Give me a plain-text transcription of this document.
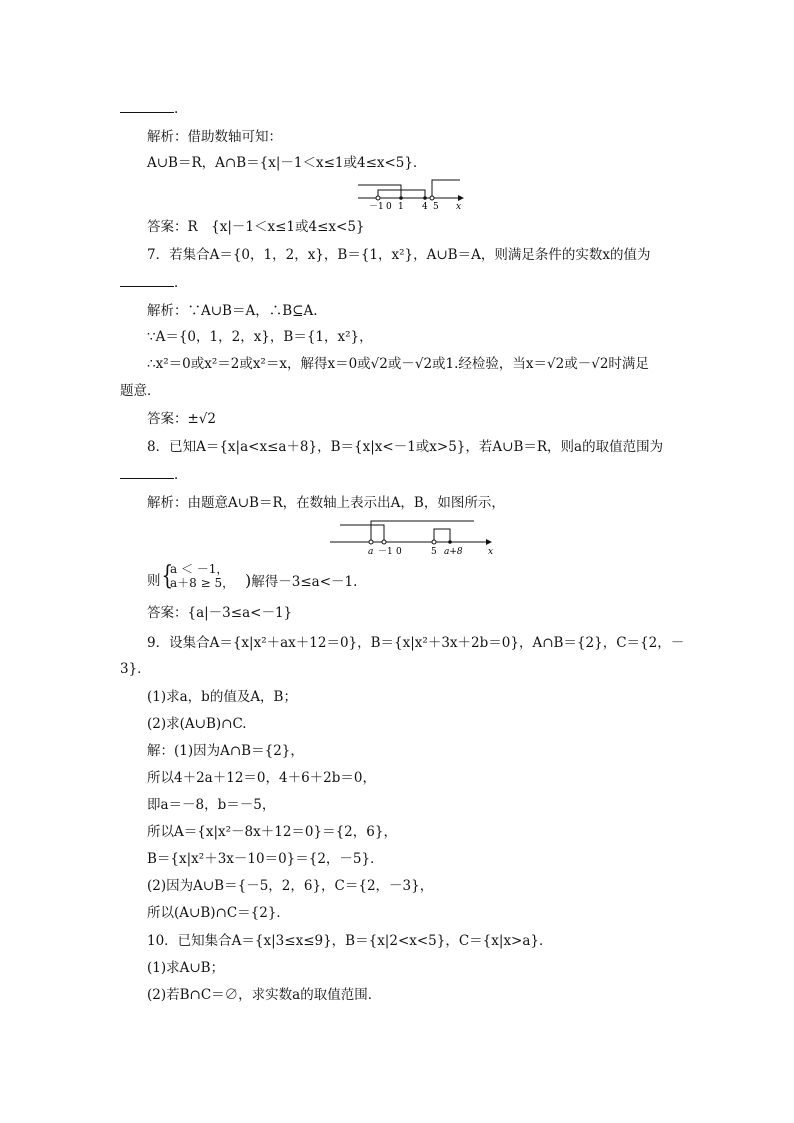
.
解析：借助数轴可知：
A∪B＝R，A∩B＝{x|－1＜x≤1或4≤x<5}．
－1 0 1 4 5 x
答案：R　{x|－1＜x≤1或4≤x<5}
7．若集合A＝{0，1，2，x}，B＝{1，x²}，A∪B＝A，则满足条件的实数x的值为
．
解析：∵A∪B＝A，∴B⊆A.
∵A＝{0，1，2，x}，B＝{1，x²}，
∴x²＝0或x²＝2或x²＝x，解得x＝0或√2或－√2或1.经检验，当x＝√2或－√2时满足
题意．
答案：±√2
8．已知A＝{x|a<x≤a＋8}，B＝{x|x<－1或x>5}，若A∪B＝R，则a的取值范围为
．
解析：由题意A∪B＝R，在数轴上表示出A，B，如图所示，
a －1 0	5 a+8	x
则 {
a ＜ －1，
a＋8 ≥ 5， )解得－3≤a<－1.
答案：{a|－3≤a<－1}
9．设集合A＝{x|x²＋ax＋12＝0}，B＝{x|x²＋3x＋2b＝0}，A∩B＝{2}，C＝{2，－
3}．
(1)求a，b的值及A，B；
(2)求(A∪B)∩C.
解：(1)因为A∩B＝{2}，
所以4＋2a＋12＝0，4＋6＋2b＝0，
即a＝－8，b＝－5，
所以A＝{x|x²－8x＋12＝0}＝{2，6}，
B＝{x|x²＋3x－10＝0}＝{2，－5}．
(2)因为A∪B＝{－5，2，6}，C＝{2，－3}，
所以(A∪B)∩C＝{2}．
10．已知集合A＝{x|3≤x≤9}，B＝{x|2<x<5}，C＝{x|x>a}．
(1)求A∪B；
(2)若B∩C＝∅，求实数a的取值范围．
